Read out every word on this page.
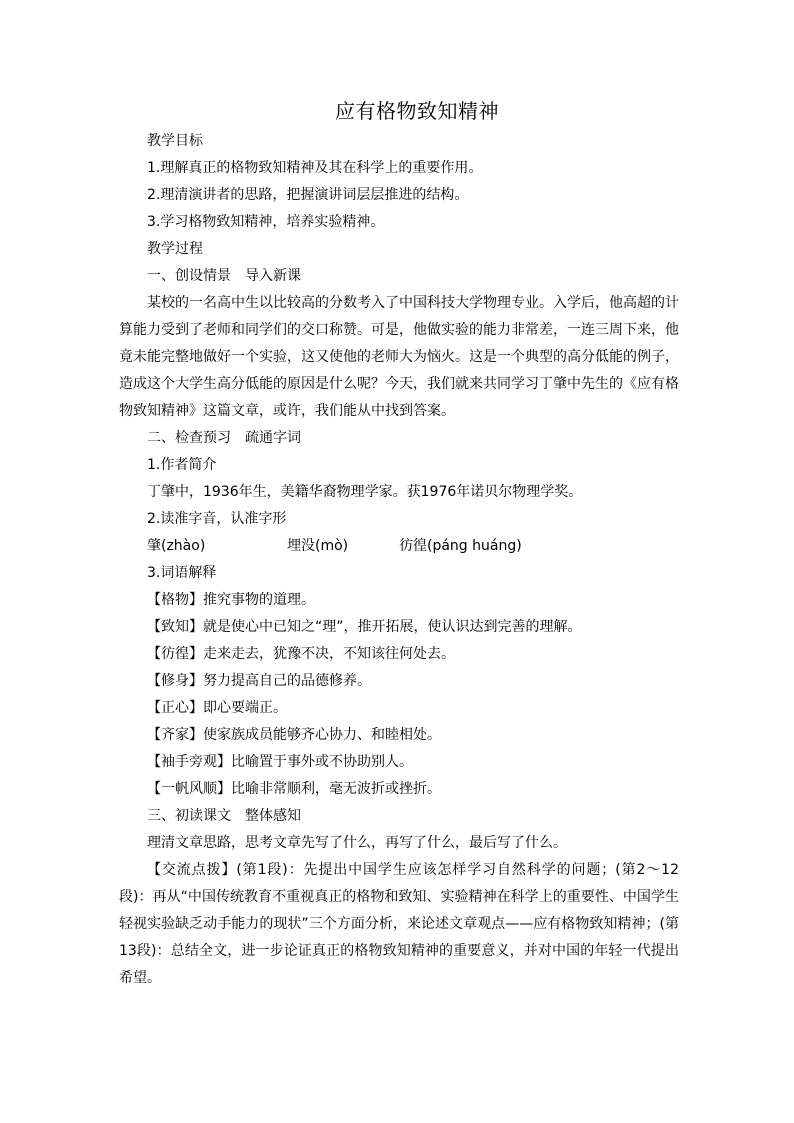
应有格物致知精神
教学目标
1.理解真正的格物致知精神及其在科学上的重要作用。
2.理清演讲者的思路，把握演讲词层层推进的结构。
3.学习格物致知精神，培养实验精神。
教学过程
一、创设情景　导入新课
某校的一名高中生以比较高的分数考入了中国科技大学物理专业。入学后，他高超的计算能力受到了老师和同学们的交口称赞。可是，他做实验的能力非常差，一连三周下来，他竟未能完整地做好一个实验，这又使他的老师大为恼火。这是一个典型的高分低能的例子，造成这个大学生高分低能的原因是什么呢？今天，我们就来共同学习丁肇中先生的《应有格物致知精神》这篇文章，或许，我们能从中找到答案。
二、检查预习　疏通字词
1.作者简介
丁肇中，1936年生，美籍华裔物理学家。获1976年诺贝尔物理学奖。
2.读准字音，认准字形
肇(zhào)	埋没(mò)	彷徨(páng huáng)
3.词语解释
【格物】推究事物的道理。
【致知】就是使心中已知之“理”，推开拓展，使认识达到完善的理解。
【彷徨】走来走去，犹豫不决，不知该往何处去。
【修身】努力提高自己的品德修养。
【正心】即心要端正。
【齐家】使家族成员能够齐心协力、和睦相处。
【袖手旁观】比喻置于事外或不协助别人。
【一帆风顺】比喻非常顺利，毫无波折或挫折。
三、初读课文　整体感知
理清文章思路，思考文章先写了什么，再写了什么，最后写了什么。
【交流点拨】(第1段)：先提出中国学生应该怎样学习自然科学的问题；(第2～12段)：再从“中国传统教育不重视真正的格物和致知、实验精神在科学上的重要性、中国学生轻视实验缺乏动手能力的现状”三个方面分析，来论述文章观点——应有格物致知精神；(第13段)：总结全文，进一步论证真正的格物致知精神的重要意义，并对中国的年轻一代提出希望。
